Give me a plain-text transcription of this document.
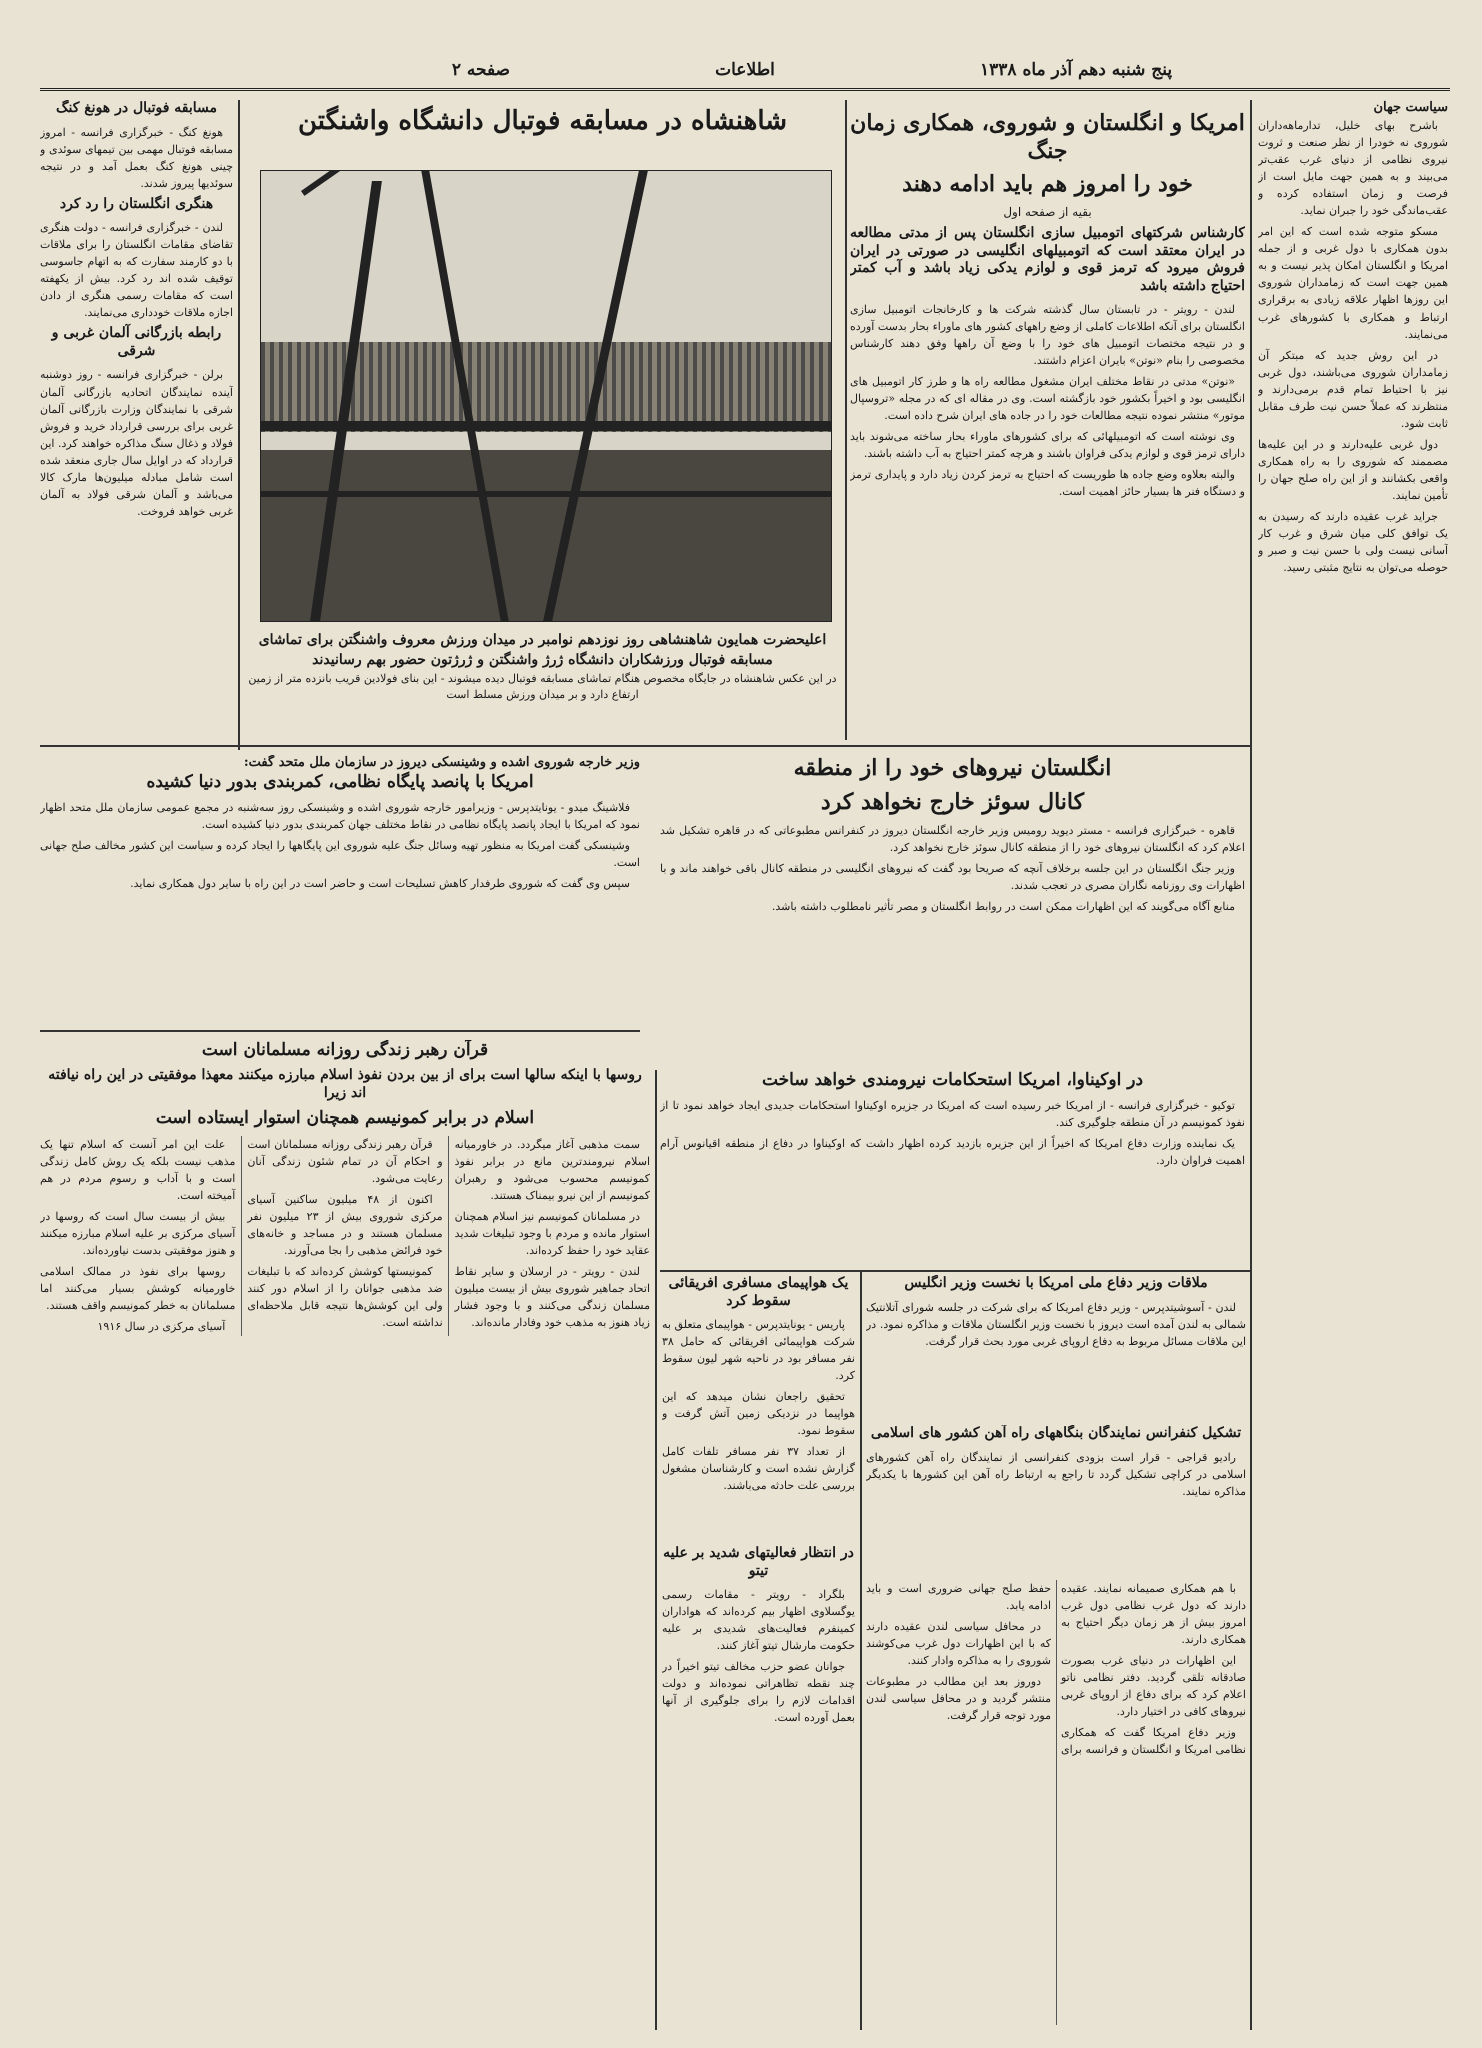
صفحه ۲	اطلاعات	پنج شنبه دهم آذر ماه ۱۳۳۸
سیاست جهان

باشرح بهای خلیل، تدارماهه‌داران شوروی نه خودرا از نظر صنعت و ثروت نیروی نظامی از دنیای غرب عقب‌تر می‌بیند و به همین جهت مایل است از فرصت و زمان استفاده کرده و عقب‌ماندگی خود را جبران نماید.

مسکو متوجه شده است که این امر بدون همکاری با دول غربی و از جمله امریکا و انگلستان امکان پذیر نیست و به همین جهت است که زمامداران شوروی این روزها اظهار علاقه زیادی به برقراری ارتباط و همکاری با کشورهای غرب می‌نمایند.

در این روش جدید که مبتکر آن زمامداران شوروی می‌باشند، دول غربی نیز با احتیاط تمام قدم برمی‌دارند و منتظرند که عملاً حسن نیت طرف مقابل ثابت شود.

دول غربی علیه‌دارند و در این علیه‌ها مصممند که شوروی را به راه همکاری واقعی بکشانند و از این راه صلح جهان را تأمین نمایند.

جراید غرب عقیده دارند که رسیدن به یک توافق کلی میان شرق و غرب کار آسانی نیست ولی با حسن نیت و صبر و حوصله می‌توان به نتایج مثبتی رسید.

امریکا و انگلستان و شوروی، همکاری زمان جنگ
خود را امروز هم باید ادامه دهند
بقیه از صفحه اول
کارشناس شرکتهای اتومبیل سازی انگلستان پس از مدتی مطالعه در ایران معتقد است که اتومبیلهای انگلیسی در صورتی در ایران فروش میرود که ترمز قوی و لوازم یدکی زیاد باشد و آب کمتر احتیاج داشته باشد

لندن - رویتر - در تابستان سال گذشته شرکت ها و کارخانجات اتومبیل سازی انگلستان برای آنکه اطلاعات کاملی از وضع راههای کشور های ماوراء بحار بدست آورده و در نتیجه مختصات اتومبیل های خود را با وضع آن راهها وفق دهند کارشناس مخصوصی را بنام «نوتن» بایران اعزام داشتند.

«نوتن» مدتی در نقاط مختلف ایران مشغول مطالعه راه ها و طرز کار اتومبیل های انگلیسی بود و اخیراً بکشور خود بازگشته است. وی در مقاله ای که در مجله «تروسپال موتور» منتشر نموده نتیجه مطالعات خود را در جاده های ایران شرح داده است.

وی نوشته است که اتومبیلهائی که برای کشورهای ماوراء بحار ساخته می‌شوند باید دارای ترمز قوی و لوازم یدکی فراوان باشند و هرچه کمتر احتیاج به آب داشته باشند.

والبته بعلاوه وضع جاده ها طوریست که احتیاج به ترمز کردن زیاد دارد و پایداری ترمز و دستگاه فنر ها بسیار حائز اهمیت است.

شاهنشاه در مسابقه فوتبال دانشگاه واشنگتن
اعلیحضرت همایون شاهنشاهی روز نوزدهم نوامبر در میدان ورزش معروف واشنگتن برای تماشای مسابقه فوتبال ورزشکاران دانشگاه ژرژ واشنگتن و ژرژتون حضور بهم رسانیدند
در این عکس شاهنشاه در جایگاه مخصوص هنگام تماشای مسابقه فوتبال دیده میشوند - این بنای فولادین قریب بانزده متر از زمین ارتفاع دارد و بر میدان ورزش مسلط است
مسابقه فوتبال در هونغ کنگ

هونغ کنگ - خبرگزاری فرانسه - امروز مسابقه فوتبال مهمی بین تیمهای سوئدی و چینی هونغ کنگ بعمل آمد و در نتیجه سوئدیها پیروز شدند.

هنگری انگلستان را رد کرد

لندن - خبرگزاری فرانسه - دولت هنگری تقاضای مقامات انگلستان را برای ملاقات با دو کارمند سفارت که به اتهام جاسوسی توقیف شده اند رد کرد. بیش از یکهفته است که مقامات رسمی هنگری از دادن اجازه ملاقات خودداری می‌نمایند.

رابطه بازرگانی آلمان غربی و شرقی

برلن - خبرگزاری فرانسه - روز دوشنبه آینده نمایندگان اتحادیه بازرگانی آلمان شرقی با نمایندگان وزارت بازرگانی آلمان غربی برای بررسی قرارداد خرید و فروش فولاد و ذغال سنگ مذاکره خواهند کرد. این قرارداد که در اوایل سال جاری منعقد شده است شامل مبادله میلیون‌ها مارک کالا می‌باشد و آلمان شرقی فولاد به آلمان غربی خواهد فروخت.

انگلستان نیروهای خود را از منطقه
کانال سوئز خارج نخواهد کرد

قاهره - خبرگزاری فرانسه - مستر دیوید رومیس وزیر خارجه انگلستان دیروز در کنفرانس مطبوعاتی که در قاهره تشکیل شد اعلام کرد که انگلستان نیروهای خود را از منطقه کانال سوئز خارج نخواهد کرد.

وزیر جنگ انگلستان در این جلسه برخلاف آنچه که صریحا بود گفت که نیروهای انگلیسی در منطقه کانال باقی خواهند ماند و با اظهارات وی روزنامه نگاران مصری در تعجب شدند.

منابع آگاه می‌گویند که این اظهارات ممکن است در روابط انگلستان و مصر تأثیر نامطلوب داشته باشد.

در اوکیناوا، امریکا استحکامات نیرومندی خواهد ساخت

توکیو - خبرگزاری فرانسه - از امریکا خبر رسیده است که امریکا در جزیره اوکیناوا استحکامات جدیدی ایجاد خواهد نمود تا از نفوذ کمونیسم در آن منطقه جلوگیری کند.

یک نماینده وزارت دفاع امریکا که اخیراً از این جزیره بازدید کرده اظهار داشت که اوکیناوا در دفاع از منطقه اقیانوس آرام اهمیت فراوان دارد.

وزیر خارجه شوروی اشده و وشینسکی دیروز در سازمان ملل متحد گفت:
امریکا با پانصد پایگاه نظامی، کمربندی بدور دنیا کشیده

فلاشینگ میدو - یونایتدپرس - وزیرامور خارجه شوروی اشده و وشینسکی روز سه‌شنبه در مجمع عمومی سازمان ملل متحد اظهار نمود که امریکا با ایجاد پانصد پایگاه نظامی در نقاط مختلف جهان کمربندی بدور دنیا کشیده است.

وشینسکی گفت امریکا به منظور تهیه وسائل جنگ علیه شوروی این پایگاهها را ایجاد کرده و سیاست این کشور مخالف صلح جهانی است.

سپس وی گفت که شوروی طرفدار کاهش تسلیحات است و حاضر است در این راه با سایر دول همکاری نماید.

قرآن رهبر زندگی روزانه مسلمانان است
روسها با اینکه سالها است برای از بین بردن نفوذ اسلام مبارزه میکنند معهذا موفقیتی در این راه نیافته اند زیرا
اسلام در برابر کمونیسم همچنان استوار ایستاده است

سمت مذهبی آغاز میگردد. در خاورمیانه اسلام نیرومندترین مانع در برابر نفوذ کمونیسم محسوب می‌شود و رهبران کمونیسم از این نیرو بیمناک هستند.

در مسلمانان کمونیسم نیز اسلام همچنان استوار مانده و مردم با وجود تبلیغات شدید عقاید خود را حفظ کرده‌اند.

لندن - رویتر - در ارسلان و سایر نقاط اتحاد جماهیر شوروی بیش از بیست میلیون مسلمان زندگی می‌کنند و با وجود فشار زیاد هنوز به مذهب خود وفادار مانده‌اند.

قرآن رهبر زندگی روزانه مسلمانان است و احکام آن در تمام شئون زندگی آنان رعایت می‌شود.

اکنون از ۴۸ میلیون ساکنین آسیای مرکزی شوروی بیش از ۲۳ میلیون نفر مسلمان هستند و در مساجد و خانه‌های خود فرائض مذهبی را بجا می‌آورند.

کمونیستها کوشش کرده‌اند که با تبلیغات ضد مذهبی جوانان را از اسلام دور کنند ولی این کوشش‌ها نتیجه قابل ملاحظه‌ای نداشته است.

علت این امر آنست که اسلام تنها یک مذهب نیست بلکه یک روش کامل زندگی است و با آداب و رسوم مردم در هم آمیخته است.

بیش از بیست سال است که روسها در آسیای مرکزی بر علیه اسلام مبارزه میکنند و هنوز موفقیتی بدست نیاورده‌اند.

روسها برای نفوذ در ممالک اسلامی خاورمیانه کوشش بسیار می‌کنند اما مسلمانان به خطر کمونیسم واقف هستند.

آسیای مرکزی در سال ۱۹۱۶

یک هواپیمای مسافری افریقائی سقوط کرد

پاریس - یونایتدپرس - هواپیمای متعلق به شرکت هواپیمائی افریقائی که حامل ۳۸ نفر مسافر بود در ناحیه شهر لیون سقوط کرد.

تحقیق راجعان نشان میدهد که این هواپیما در نزدیکی زمین آتش گرفت و سقوط نمود.

از تعداد ۳۷ نفر مسافر تلفات کامل گزارش نشده است و کارشناسان مشغول بررسی علت حادثه می‌باشند.

در انتظار فعالیتهای شدید بر علیه تیتو

بلگراد - رویتر - مقامات رسمی یوگسلاوی اظهار بیم کرده‌اند که هواداران کمینفرم فعالیت‌های شدیدی بر علیه حکومت مارشال تیتو آغاز کنند.

جوانان عضو حزب مخالف تیتو اخیراً در چند نقطه تظاهراتی نموده‌اند و دولت اقدامات لازم را برای جلوگیری از آنها بعمل آورده است.

ملاقات وزیر دفاع ملی امریکا با نخست وزیر انگلیس

لندن - آسوشیتدپرس - وزیر دفاع امریکا که برای شرکت در جلسه شورای آتلانتیک شمالی به لندن آمده است دیروز با نخست وزیر انگلستان ملاقات و مذاکره نمود. در این ملاقات مسائل مربوط به دفاع اروپای غربی مورد بحث قرار گرفت.

تشکیل کنفرانس نمایندگان بنگاههای راه آهن کشور های اسلامی

رادیو قراجی - قرار است بزودی کنفرانسی از نمایندگان راه آهن کشورهای اسلامی در کراچی تشکیل گردد تا راجع به ارتباط راه آهن این کشورها با یکدیگر مذاکره نمایند.

با هم همکاری صمیمانه نمایند. عقیده دارند که دول غرب نظامی دول غرب امروز بیش از هر زمان دیگر احتیاج به همکاری دارند.

این اظهارات در دنیای غرب بصورت صادقانه تلقی گردید. دفتر نظامی ناتو اعلام کرد که برای دفاع از اروپای غربی نیروهای کافی در اختیار دارد.

وزیر دفاع امریکا گفت که همکاری نظامی امریکا و انگلستان و فرانسه برای حفظ صلح جهانی ضروری است و باید ادامه یابد.

در محافل سیاسی لندن عقیده دارند که با این اظهارات دول غرب می‌کوشند شوروی را به مذاکره وادار کنند.

دوروز بعد این مطالب در مطبوعات منتشر گردید و در محافل سیاسی لندن مورد توجه قرار گرفت.
